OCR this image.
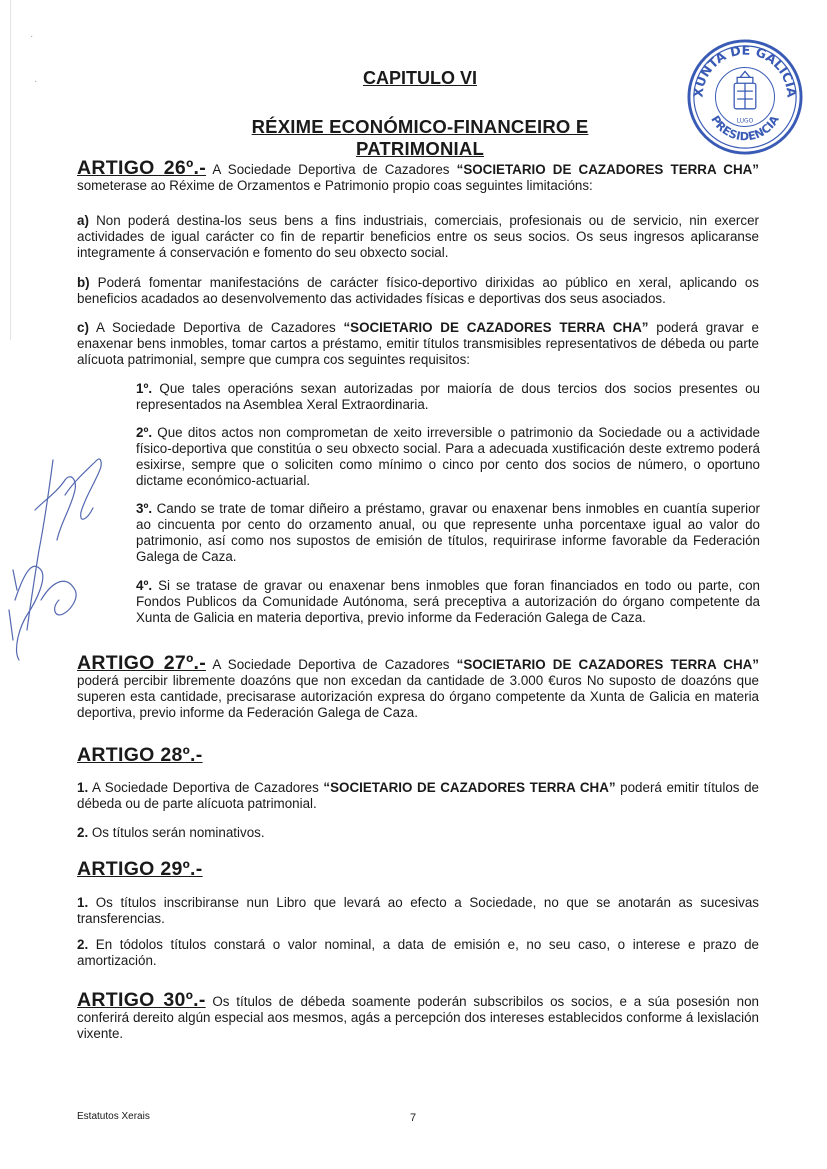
·
·	CAPITULO VI
RÉXIME ECONÓMICO-FINANCEIRO E PATRIMONIAL
XUNTA DE GALICIA
PRESIDENCIA
LUGO

ARTIGO 26º.- A Sociedade Deportiva de Cazadores “SOCIETARIO DE CAZADORES TERRA CHA” someterase ao Réxime de Orzamentos e Patrimonio propio coas seguintes limitacións:

a) Non poderá destina-los seus bens a fins industriais, comerciais, profesionais ou de servicio, nin exercer actividades de igual carácter co fin de repartir beneficios entre os seus socios. Os seus ingresos aplicaranse integramente á conservación e fomento do seu obxecto social.

b) Poderá fomentar manifestacións de carácter físico-deportivo dirixidas ao público en xeral, aplicando os beneficios acadados ao desenvolvemento das actividades físicas e deportivas dos seus asociados.

c) A Sociedade Deportiva de Cazadores “SOCIETARIO DE CAZADORES TERRA CHA” poderá gravar e enaxenar bens inmobles, tomar cartos a préstamo, emitir títulos transmisibles representativos de débeda ou parte alícuota patrimonial, sempre que cumpra cos seguintes requisitos:

1º. Que tales operacións sexan autorizadas por maioría de dous tercios dos socios presentes ou representados na Asemblea Xeral Extraordinaria.

2º. Que ditos actos non comprometan de xeito irreversible o patrimonio da Sociedade ou a actividade físico-deportiva que constitúa o seu obxecto social. Para a adecuada xustificación deste extremo poderá esixirse, sempre que o soliciten como mínimo o cinco por cento dos socios de número, o oportuno dictame económico-actuarial.

3º. Cando se trate de tomar diñeiro a préstamo, gravar ou enaxenar bens inmobles en cuantía superior ao cincuenta por cento do orzamento anual, ou que represente unha porcentaxe igual ao valor do patrimonio, así como nos supostos de emisión de títulos, requirirase informe favorable da Federación Galega de Caza.

4º. Si se tratase de gravar ou enaxenar bens inmobles que foran financiados en todo ou parte, con Fondos Publicos da Comunidade Autónoma, será preceptiva a autorización do órgano competente da Xunta de Galicia en materia deportiva, previo informe da Federación Galega de Caza.

ARTIGO 27º.- A Sociedade Deportiva de Cazadores “SOCIETARIO DE CAZADORES TERRA CHA” poderá percibir libremente doazóns que non excedan da cantidade de 3.000 €uros No suposto de doazóns que superen esta cantidade, precisarase autorización expresa do órgano competente da Xunta de Galicia en materia deportiva, previo informe da Federación Galega de Caza.

ARTIGO 28º.-

1. A Sociedade Deportiva de Cazadores “SOCIETARIO DE CAZADORES TERRA CHA” poderá emitir títulos de débeda ou de parte alícuota patrimonial.

2. Os títulos serán nominativos.

ARTIGO 29º.-

1. Os títulos inscribiranse nun Libro que levará ao efecto a Sociedade, no que se anotarán as sucesivas transferencias.

2. En tódolos títulos constará o valor nominal, a data de emisión e, no seu caso, o interese e prazo de amortización.

ARTIGO 30º.- Os títulos de débeda soamente poderán subscribilos os socios, e a súa posesión non conferirá dereito algún especial aos mesmos, agás a percepción dos intereses establecidos conforme á lexislación vixente.

Estatutos Xerais	7
